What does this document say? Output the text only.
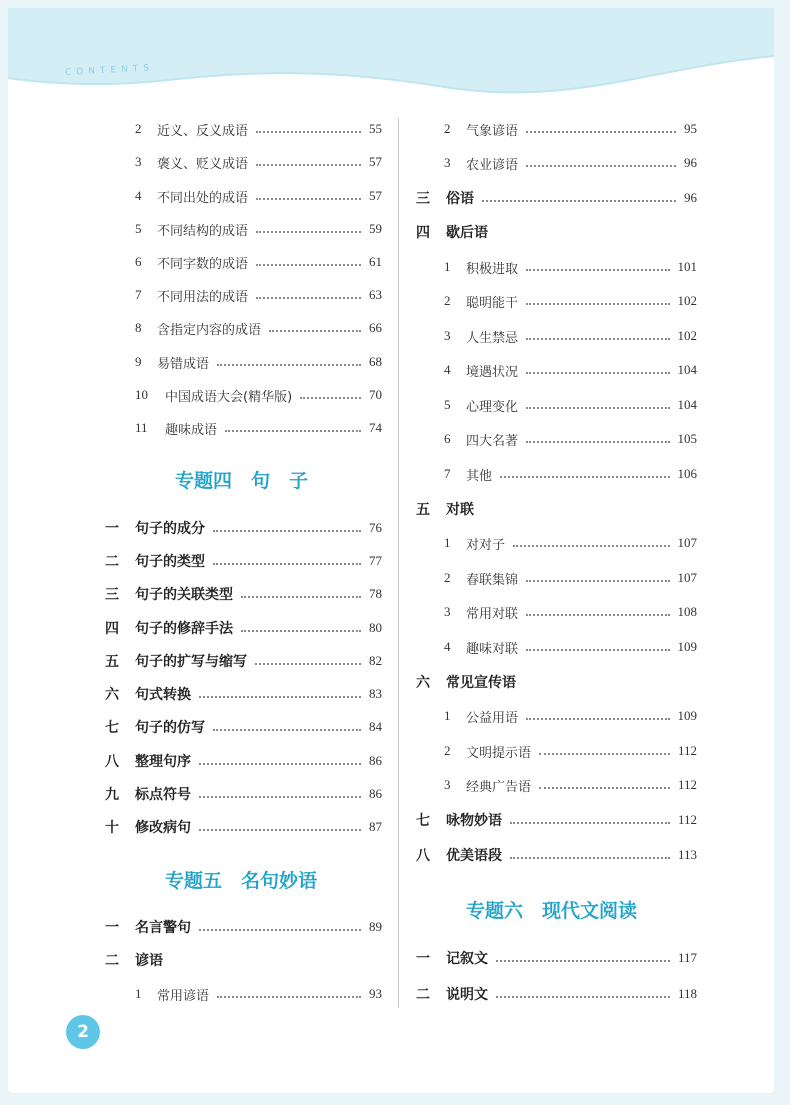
CONTENTS
2	近义、反义成语	55
3	褒义、贬义成语	57
4	不同出处的成语	57
5	不同结构的成语	59
6	不同字数的成语	61
7	不同用法的成语	63
8	含指定内容的成语	66
9	易错成语	68
10	中国成语大会(精华版)	70
11	趣味成语	74
专题四　句　子
一	句子的成分	76
二	句子的类型	77
三	句子的关联类型	78
四	句子的修辞手法	80
五	句子的扩写与缩写	82
六	句式转换	83
七	句子的仿写	84
八	整理句序	86
九	标点符号	86
十	修改病句	87
专题五　名句妙语
一	名言警句	89
二	谚语
1	常用谚语	93
2	气象谚语	95
3	农业谚语	96
三	俗语	96
四	歇后语
1	积极进取	101
2	聪明能干	102
3	人生禁忌	102
4	境遇状况	104
5	心理变化	104
6	四大名著	105
7	其他	106
五	对联
1	对对子	107
2	春联集锦	107
3	常用对联	108
4	趣味对联	109
六	常见宣传语
1	公益用语	109
2	文明提示语	112
3	经典广告语	112
七	咏物妙语	112
八	优美语段	113
专题六　现代文阅读
一	记叙文	117
二	说明文	118
2
